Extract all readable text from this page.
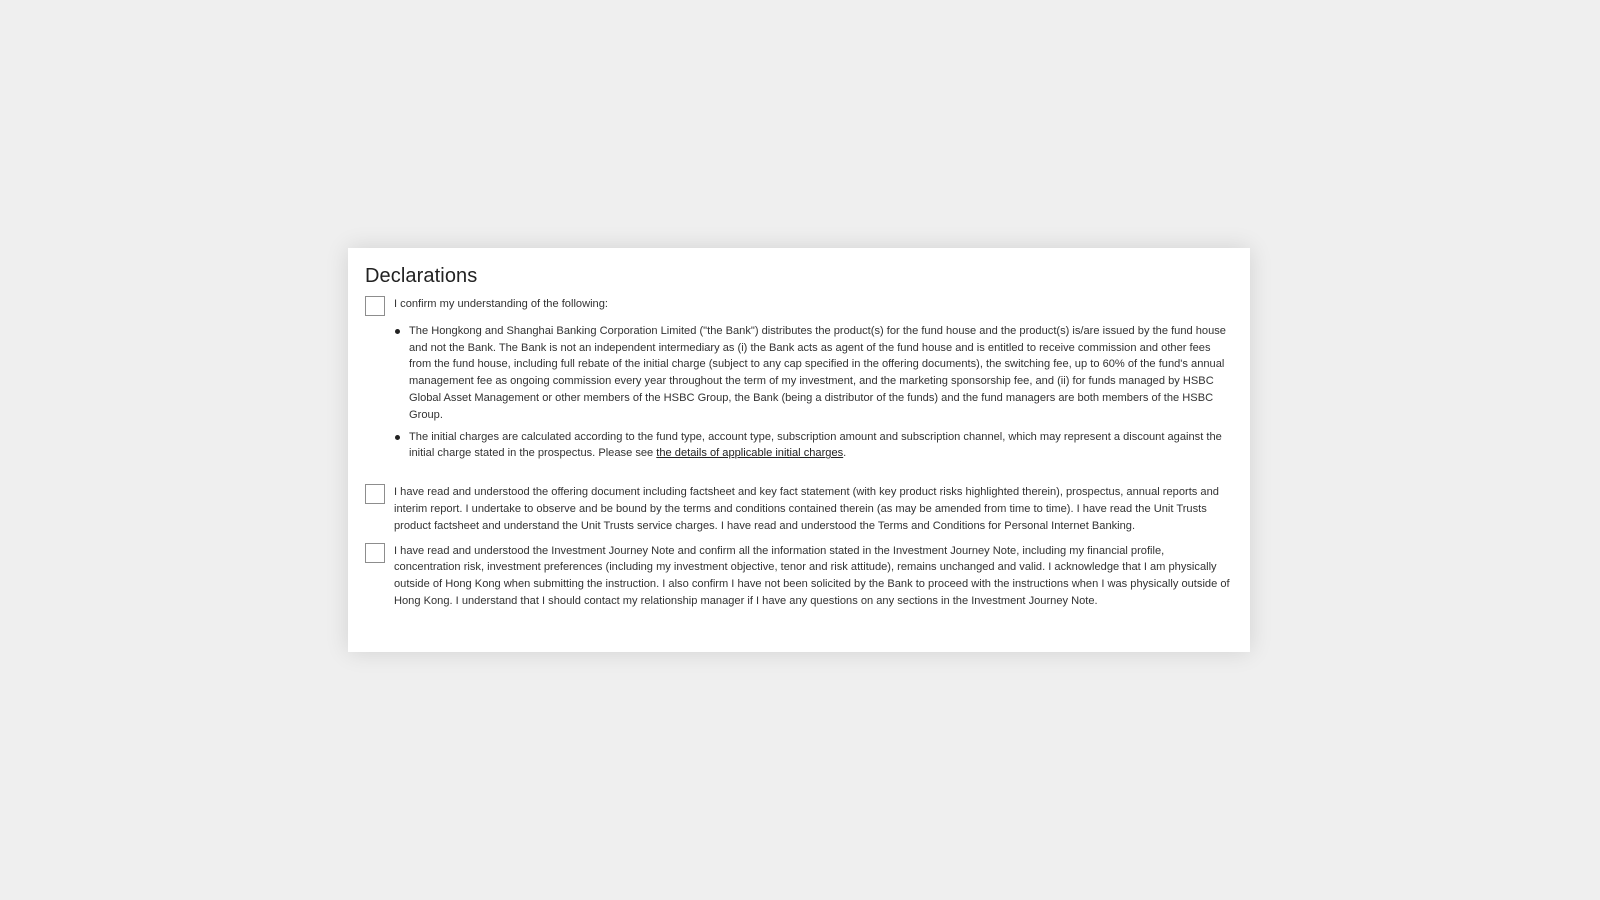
Declarations
I confirm my understanding of the following:
The Hongkong and Shanghai Banking Corporation Limited ("the Bank") distributes the product(s) for the fund house and the product(s) is/are issued by the fund house and not the Bank. The Bank is not an independent intermediary as (i) the Bank acts as agent of the fund house and is entitled to receive commission and other fees from the fund house, including full rebate of the initial charge (subject to any cap specified in the offering documents), the switching fee, up to 60% of the fund's annual management fee as ongoing commission every year throughout the term of my investment, and the marketing sponsorship fee, and (ii) for funds managed by HSBC Global Asset Management or other members of the HSBC Group, the Bank (being a distributor of the funds) and the fund managers are both members of the HSBC Group.
The initial charges are calculated according to the fund type, account type, subscription amount and subscription channel, which may represent a discount against the initial charge stated in the prospectus. Please see the details of applicable initial charges.
I have read and understood the offering document including factsheet and key fact statement (with key product risks highlighted therein), prospectus, annual reports and interim report. I undertake to observe and be bound by the terms and conditions contained therein (as may be amended from time to time). I have read the Unit Trusts product factsheet and understand the Unit Trusts service charges. I have read and understood the Terms and Conditions for Personal Internet Banking.
I have read and understood the Investment Journey Note and confirm all the information stated in the Investment Journey Note, including my financial profile, concentration risk, investment preferences (including my investment objective, tenor and risk attitude), remains unchanged and valid. I acknowledge that I am physically outside of Hong Kong when submitting the instruction. I also confirm I have not been solicited by the Bank to proceed with the instructions when I was physically outside of Hong Kong. I understand that I should contact my relationship manager if I have any questions on any sections in the Investment Journey Note.
